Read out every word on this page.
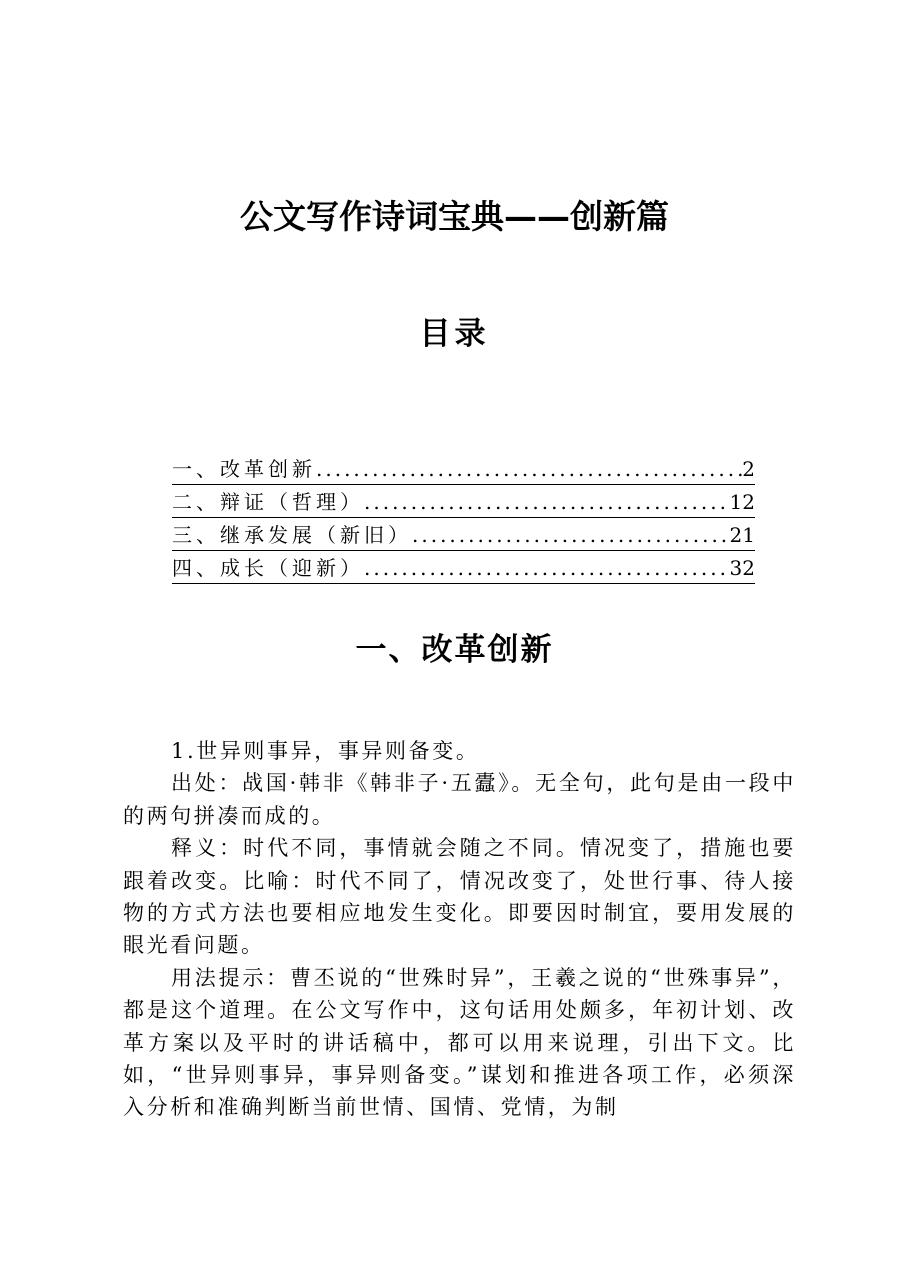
公文写作诗词宝典——创新篇
目录
一、改革创新 .....	2
二、辩证（哲理） .....	12
三、继承发展（新旧） .....	21
四、成长（迎新） .....	32
一、改革创新

1.世异则事异，事异则备变。

出处：战国·韩非《韩非子·五蠹》。无全句，此句是由一段中的两句拼凑而成的。

释义：时代不同，事情就会随之不同。情况变了，措施也要跟着改变。比喻：时代不同了，情况改变了，处世行事、待人接物的方式方法也要相应地发生变化。即要因时制宜，要用发展的眼光看问题。

用法提示：曹丕说的“世殊时异”，王羲之说的“世殊事异”，都是这个道理。在公文写作中，这句话用处颇多，年初计划、改革方案以及平时的讲话稿中，都可以用来说理，引出下文。比如，“世异则事异，事异则备变。”谋划和推进各项工作，必须深入分析和准确判断当前世情、国情、党情，为制
